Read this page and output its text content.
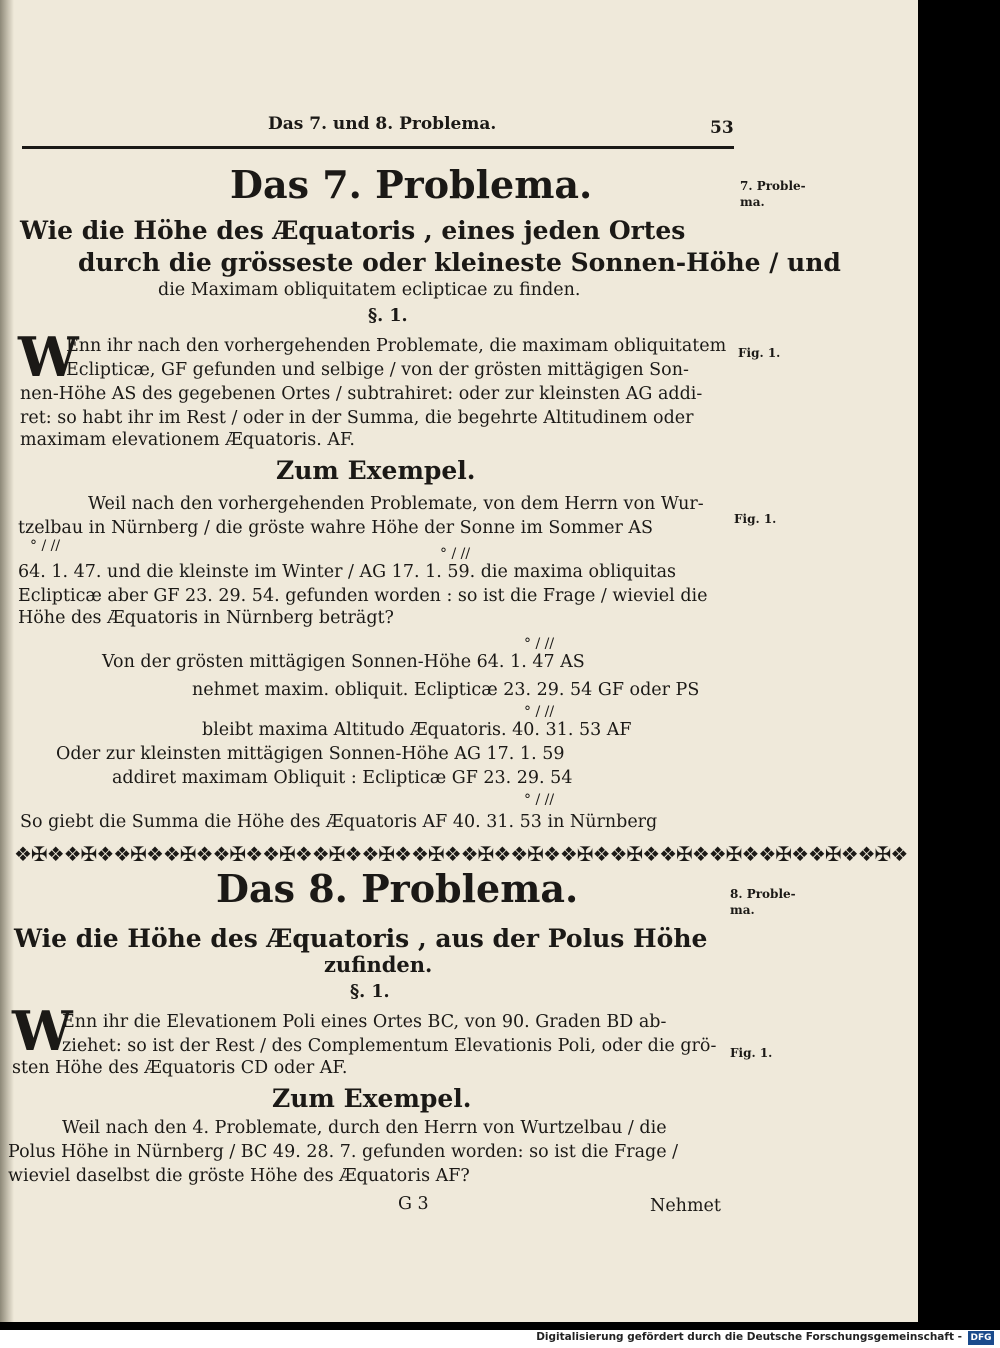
Das 7. und 8. Problema.	53
Das 7. Problema.	7. Proble-ma.
Wie die Höhe des Æquatoris , eines jeden Ortes
durch die grösseste oder kleineste Sonnen-Höhe / und
die Maximam obliquitatem eclipticae zu finden.
§. 1.
W
Enn ihr nach den vorhergehenden Problemate, die maximam obliquitatem
Eclipticæ, GF gefunden und selbige / von der grösten mittägigen Son-
nen-Höhe AS des gegebenen Ortes / subtrahiret: oder zur kleinsten AG addi-
ret: so habt ihr im Rest / oder in der Summa, die begehrte Altitudinem oder
maximam elevationem Æquatoris. AF.
Fig. 1.
Zum Exempel.
Weil nach den vorhergehenden Problemate, von dem Herrn von Wur-
tzelbau in Nürnberg / die gröste wahre Höhe der Sonne im Sommer AS
° / //	° / //
64. 1. 47. und die kleinste im Winter / AG 17. 1. 59. die maxima obliquitas
Eclipticæ aber GF 23. 29. 54. gefunden worden : so ist die Frage / wieviel die
Höhe des Æquatoris in Nürnberg beträgt?
Fig. 1.
° / //
Von der grösten mittägigen Sonnen-Höhe 64. 1. 47 AS
nehmet maxim. obliquit. Eclipticæ 23. 29. 54 GF oder PS
° / //
bleibt maxima Altitudo Æquatoris. 40. 31. 53 AF
Oder zur kleinsten mittägigen Sonnen-Höhe AG 17. 1. 59
addiret maximam Obliquit : Eclipticæ GF 23. 29. 54
° / //
So giebt die Summa die Höhe des Æquatoris AF 40. 31. 53 in Nürnberg
❖✠❖ ❖✠❖ ❖✠❖ ❖✠❖ ❖✠❖ ❖✠❖ ❖✠❖ ❖✠❖ ❖✠❖ ❖✠❖ ❖✠❖ ❖✠❖ ❖✠❖ ❖✠❖ ❖✠❖ ❖✠❖ ❖✠❖ ❖✠❖
Das 8. Problema.	8. Proble-ma.
Wie die Höhe des Æquatoris , aus der Polus Höhe
zufinden.
§. 1.
W
Enn ihr die Elevationem Poli eines Ortes BC, von 90. Graden BD ab-
ziehet: so ist der Rest / des Complementum Elevationis Poli, oder die grö-
sten Höhe des Æquatoris CD oder AF.
Fig. 1.
Zum Exempel.
Weil nach den 4. Problemate, durch den Herrn von Wurtzelbau / die
Polus Höhe in Nürnberg / BC 49. 28. 7. gefunden worden: so ist die Frage /
wieviel daselbst die gröste Höhe des Æquatoris AF?
G 3	Nehmet
Digitalisierung gefördert durch die Deutsche Forschungsgemeinschaft - DFG
